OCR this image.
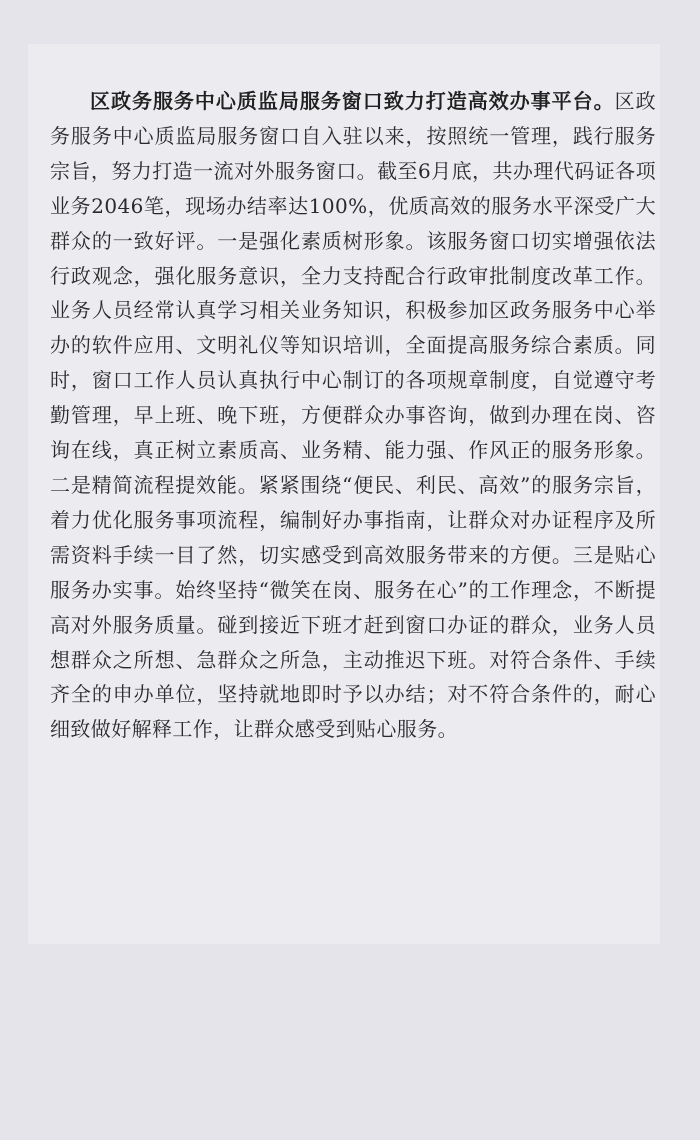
区政务服务中心质监局服务窗口致力打造高效办事平台。区政务服务中心质监局服务窗口自入驻以来，按照统一管理，践行服务宗旨，努力打造一流对外服务窗口。截至6月底，共办理代码证各项业务2046笔，现场办结率达100%，优质高效的服务水平深受广大群众的一致好评。一是强化素质树形象。该服务窗口切实增强依法行政观念，强化服务意识，全力支持配合行政审批制度改革工作。业务人员经常认真学习相关业务知识，积极参加区政务服务中心举办的软件应用、文明礼仪等知识培训，全面提高服务综合素质。同时，窗口工作人员认真执行中心制订的各项规章制度，自觉遵守考勤管理，早上班、晚下班，方便群众办事咨询，做到办理在岗、咨询在线，真正树立素质高、业务精、能力强、作风正的服务形象。二是精简流程提效能。紧紧围绕“便民、利民、高效”的服务宗旨，着力优化服务事项流程，编制好办事指南，让群众对办证程序及所需资料手续一目了然，切实感受到高效服务带来的方便。三是贴心服务办实事。始终坚持“微笑在岗、服务在心”的工作理念，不断提高对外服务质量。碰到接近下班才赶到窗口办证的群众，业务人员想群众之所想、急群众之所急，主动推迟下班。对符合条件、手续齐全的申办单位，坚持就地即时予以办结；对不符合条件的，耐心细致做好解释工作，让群众感受到贴心服务。
